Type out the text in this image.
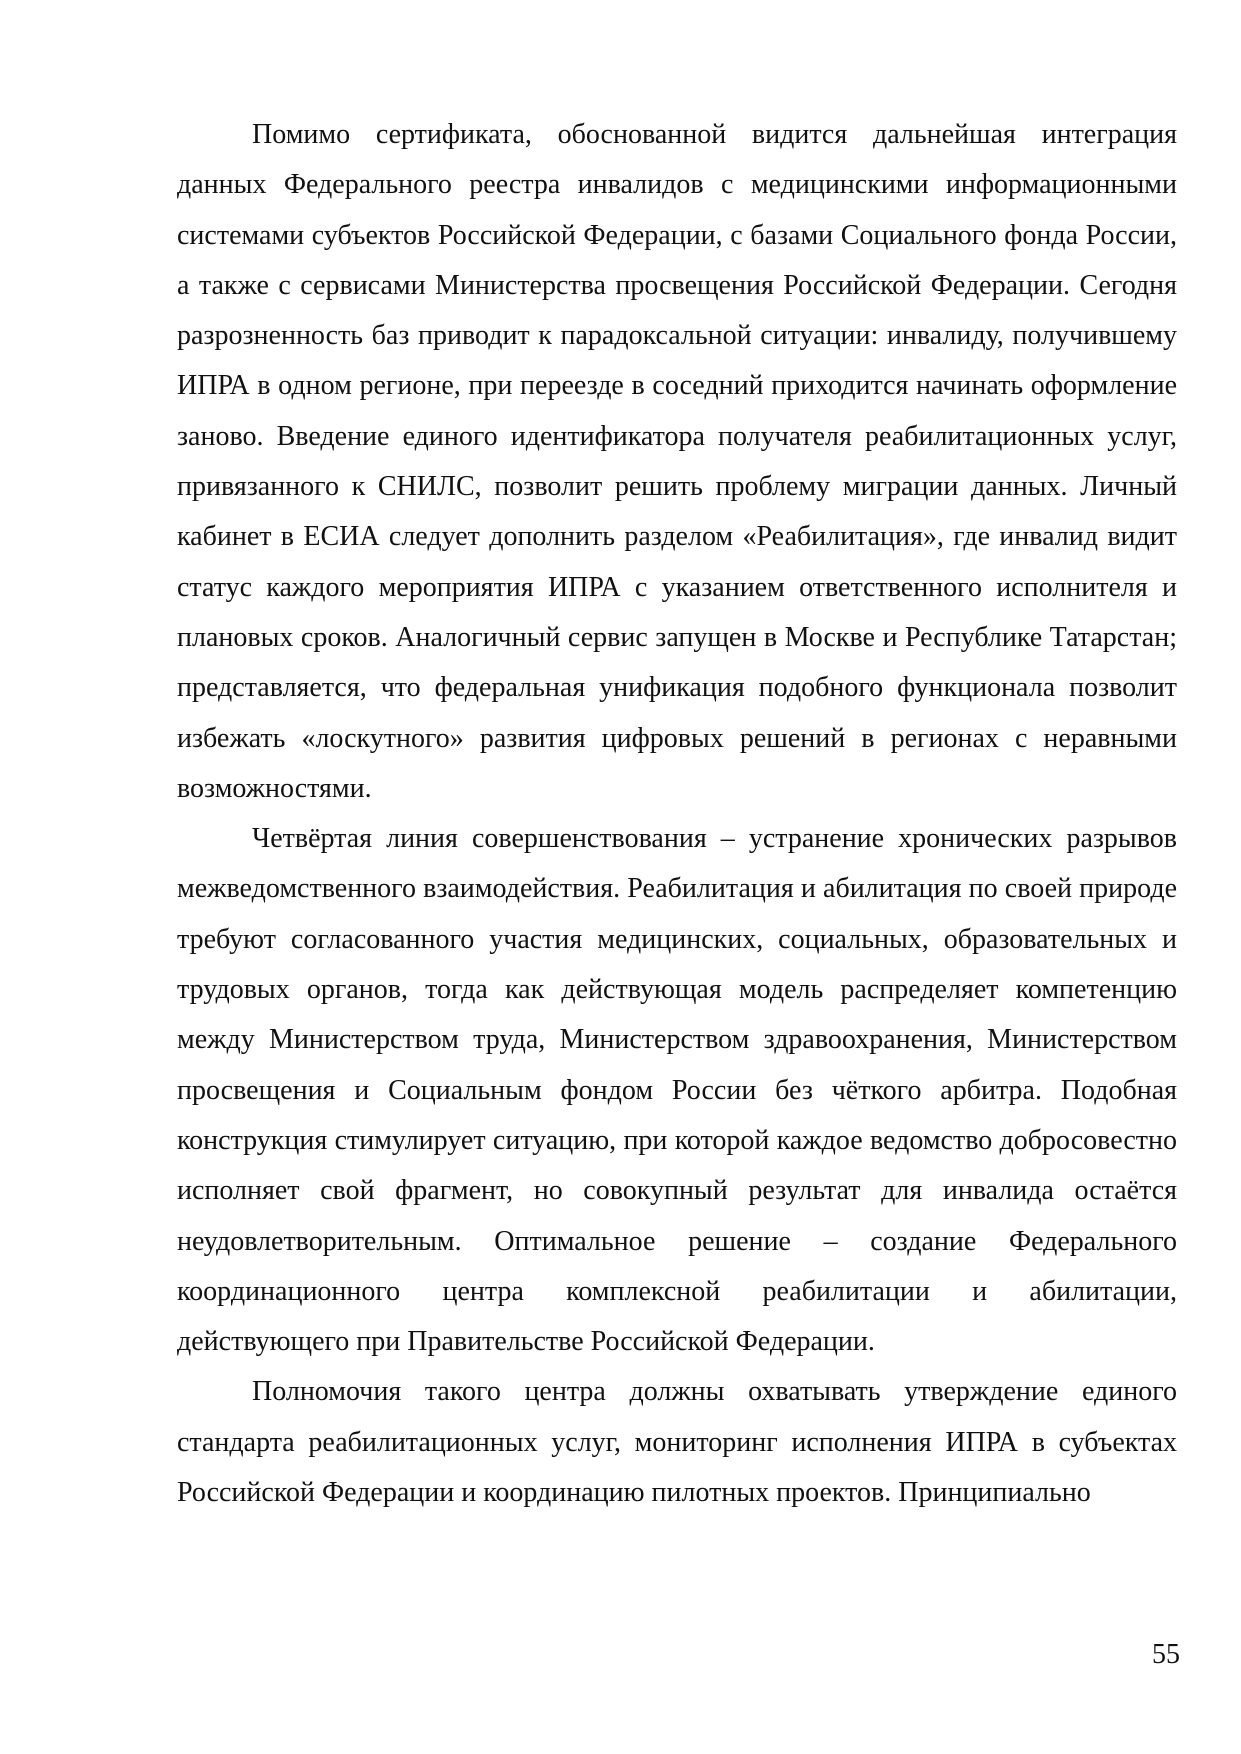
Помимо сертификата, обоснованной видится дальнейшая интеграция данных Федерального реестра инвалидов с медицинскими информационными системами субъектов Российской Федерации, с базами Социального фонда России, а также с сервисами Министерства просвещения Российской Федерации. Сегодня разрозненность баз приводит к парадоксальной ситуации: инвалиду, получившему ИПРА в одном регионе, при переезде в соседний приходится начинать оформление заново. Введение единого идентификатора получателя реабилитационных услуг, привязанного к СНИЛС, позволит решить проблему миграции данных. Личный кабинет в ЕСИА следует дополнить разделом «Реабилитация», где инвалид видит статус каждого мероприятия ИПРА с указанием ответственного исполнителя и плановых сроков. Аналогичный сервис запущен в Москве и Республике Татарстан; представляется, что федеральная унификация подобного функционала позволит избежать «лоскутного» развития цифровых решений в регионах с неравными возможностями.

Четвёртая линия совершенствования – устранение хронических разрывов межведомственного взаимодействия. Реабилитация и абилитация по своей природе требуют согласованного участия медицинских, социальных, образовательных и трудовых органов, тогда как действующая модель распределяет компетенцию между Министерством труда, Министерством здравоохранения, Министерством просвещения и Социальным фондом России без чёткого арбитра. Подобная конструкция стимулирует ситуацию, при которой каждое ведомство добросовестно исполняет свой фрагмент, но совокупный результат для инвалида остаётся неудовлетворительным. Оптимальное решение – создание Федерального координационного центра комплексной реабилитации и абилитации, действующего при Правительстве Российской Федерации.

Полномочия такого центра должны охватывать утверждение единого стандарта реабилитационных услуг, мониторинг исполнения ИПРА в субъектах Российской Федерации и координацию пилотных проектов. Принципиально

55
